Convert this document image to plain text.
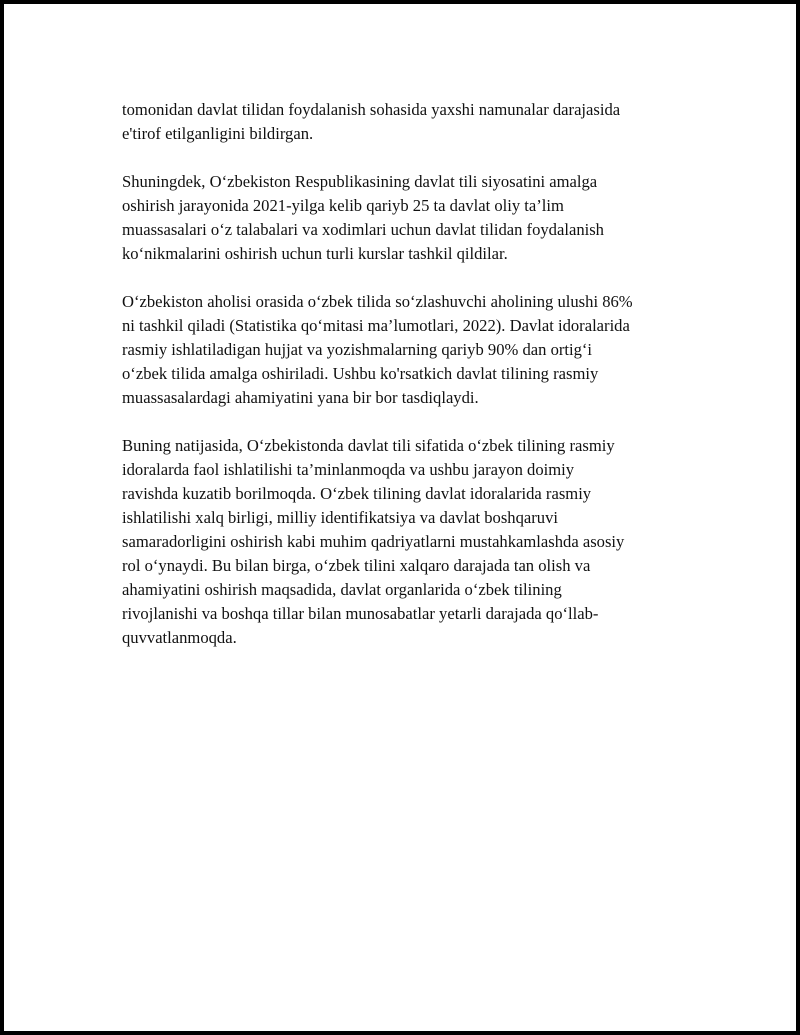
tomonidan davlat tilidan foydalanish sohasida yaxshi namunalar darajasida
e'tirof etilganligini bildirgan.

Shuningdek, O‘zbekiston Respublikasining davlat tili siyosatini amalga
oshirish jarayonida 2021-yilga kelib qariyb 25 ta davlat oliy ta’lim
muassasalari o‘z talabalari va xodimlari uchun davlat tilidan foydalanish
ko‘nikmalarini oshirish uchun turli kurslar tashkil qildilar.

O‘zbekiston aholisi orasida o‘zbek tilida so‘zlashuvchi aholining ulushi 86%
ni tashkil qiladi (Statistika qo‘mitasi ma’lumotlari, 2022). Davlat idoralarida
rasmiy ishlatiladigan hujjat va yozishmalarning qariyb 90% dan ortig‘i
o‘zbek tilida amalga oshiriladi. Ushbu ko'rsatkich davlat tilining rasmiy
muassasalardagi ahamiyatini yana bir bor tasdiqlaydi.

Buning natijasida, O‘zbekistonda davlat tili sifatida o‘zbek tilining rasmiy
idoralarda faol ishlatilishi ta’minlanmoqda va ushbu jarayon doimiy
ravishda kuzatib borilmoqda. O‘zbek tilining davlat idoralarida rasmiy
ishlatilishi xalq birligi, milliy identifikatsiya va davlat boshqaruvi
samaradorligini oshirish kabi muhim qadriyatlarni mustahkamlashda asosiy
rol o‘ynaydi. Bu bilan birga, o‘zbek tilini xalqaro darajada tan olish va
ahamiyatini oshirish maqsadida, davlat organlarida o‘zbek tilining
rivojlanishi va boshqa tillar bilan munosabatlar yetarli darajada qo‘llab-
quvvatlanmoqda.
